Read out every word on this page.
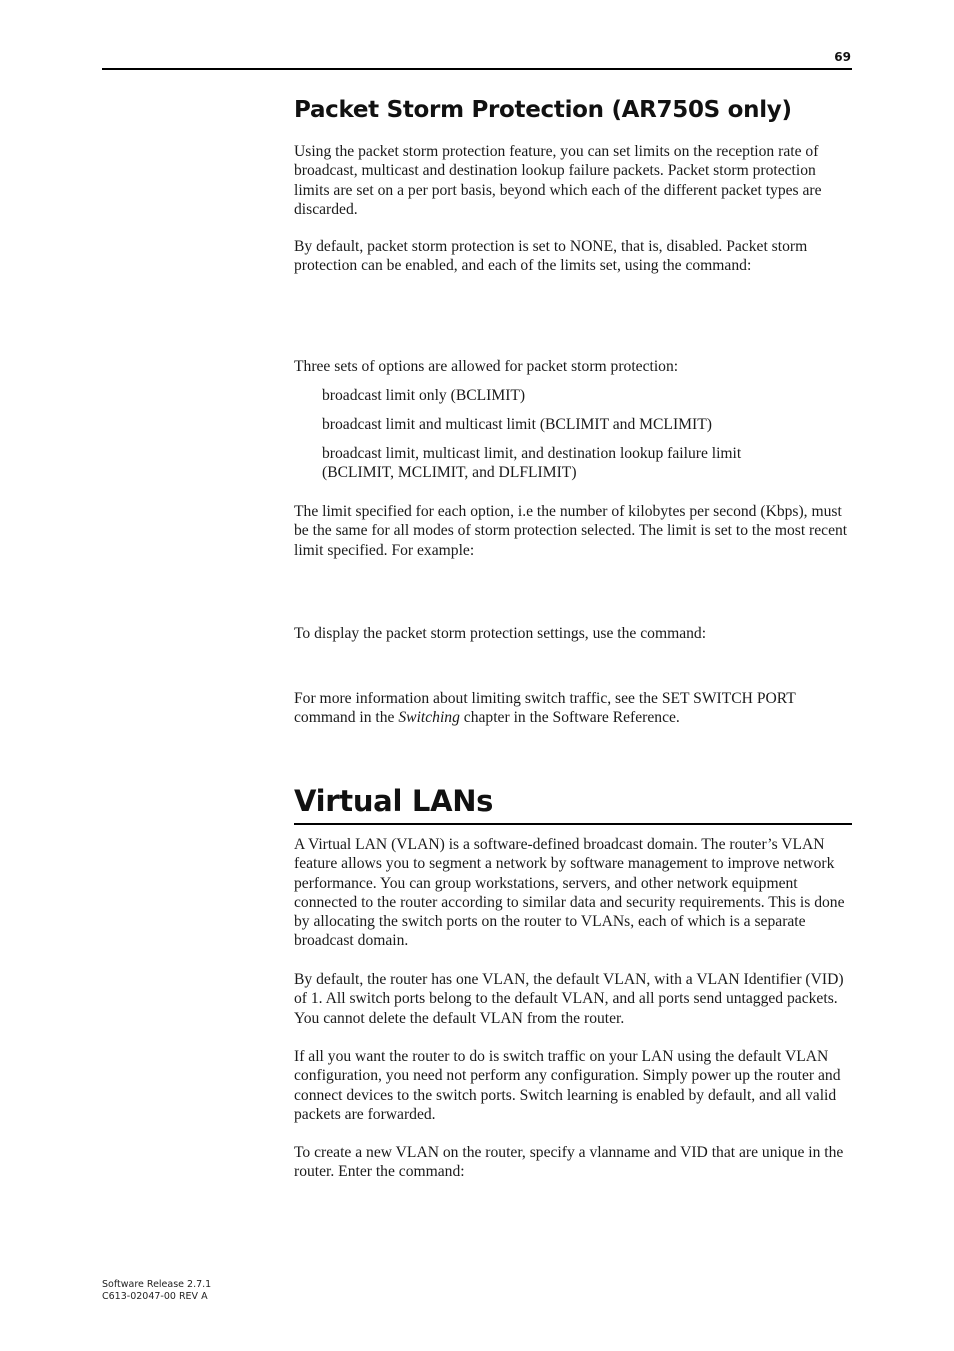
69
Packet Storm Protection (AR750S only)

Using the packet storm protection feature, you can set limits on the reception rate of broadcast, multicast and destination lookup failure packets. Packet storm protection limits are set on a per port basis, beyond which each of the different packet types are discarded.

By default, packet storm protection is set to NONE, that is, disabled. Packet storm protection can be enabled, and each of the limits set, using the command:

Three sets of options are allowed for packet storm protection:

broadcast limit only (BCLIMIT)

broadcast limit and multicast limit (BCLIMIT and MCLIMIT)

broadcast limit, multicast limit, and destination lookup failure limit (BCLIMIT, MCLIMIT, and DLFLIMIT)

The limit specified for each option, i.e the number of kilobytes per second (Kbps), must be the same for all modes of storm protection selected. The limit is set to the most recent limit specified. For example:

To display the packet storm protection settings, use the command:

For more information about limiting switch traffic, see the SET SWITCH PORT command in the Switching chapter in the Software Reference.

Virtual LANs

A Virtual LAN (VLAN) is a software-defined broadcast domain. The router’s VLAN feature allows you to segment a network by software management to improve network performance. You can group workstations, servers, and other network equipment connected to the router according to similar data and security requirements. This is done by allocating the switch ports on the router to VLANs, each of which is a separate broadcast domain.

By default, the router has one VLAN, the default VLAN, with a VLAN Identifier (VID) of 1. All switch ports belong to the default VLAN, and all ports send untagged packets. You cannot delete the default VLAN from the router.

If all you want the router to do is switch traffic on your LAN using the default VLAN configuration, you need not perform any configuration. Simply power up the router and connect devices to the switch ports. Switch learning is enabled by default, and all valid packets are forwarded.

To create a new VLAN on the router, specify a vlanname and VID that are unique in the router. Enter the command:

Software Release 2.7.1
C613-02047-00 REV A
